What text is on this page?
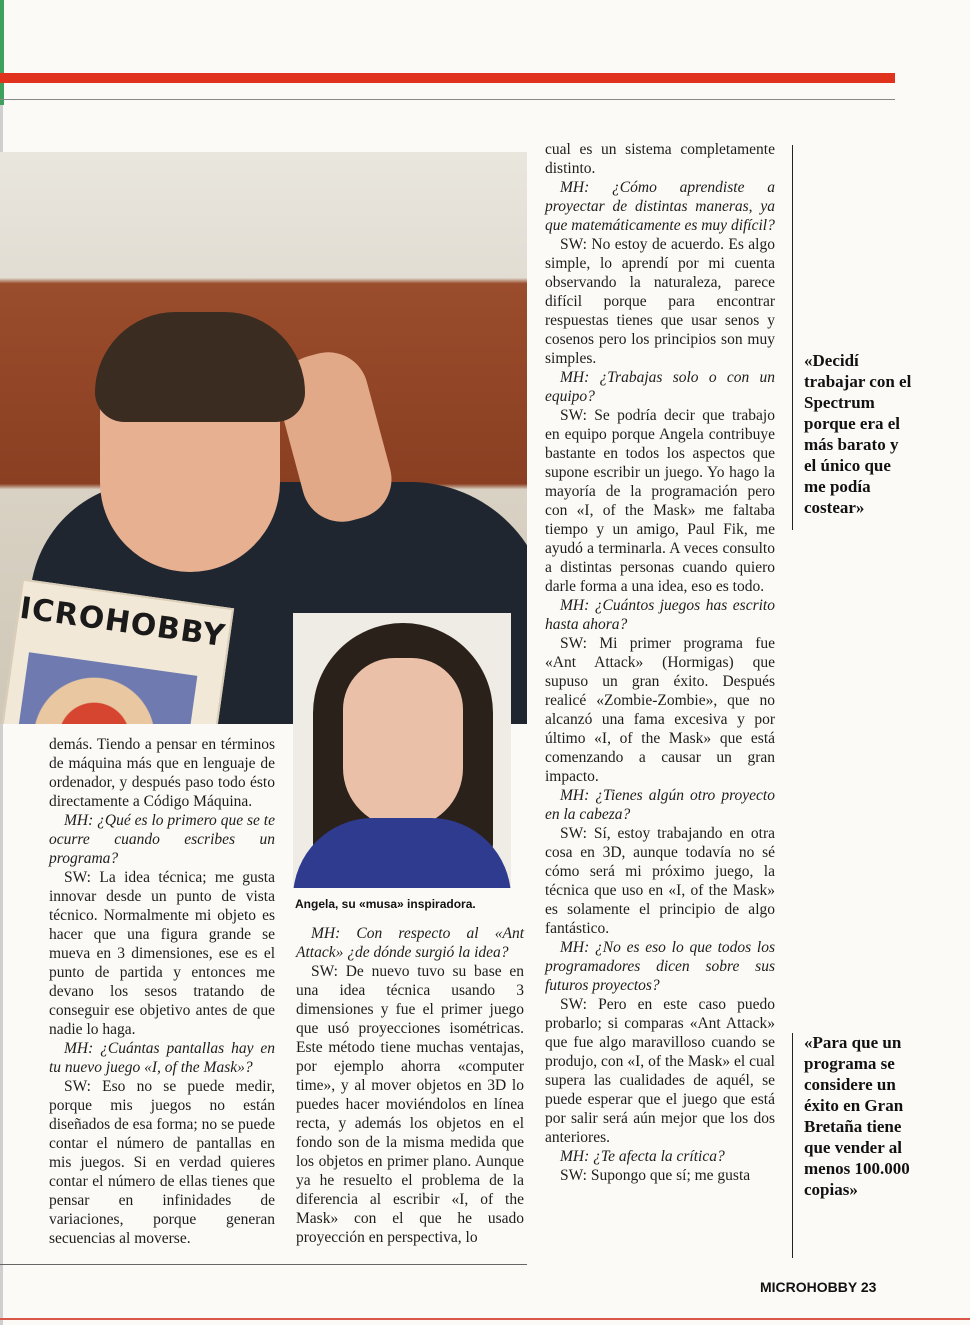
ICROHOBBY
Angela, su «musa» inspiradora.

demás. Tiendo a pensar en términos de máquina más que en lenguaje de ordenador, y después paso todo ésto directamente a Código Máquina.

MH: ¿Qué es lo primero que se te ocurre cuando escribes un programa?

SW: La idea técnica; me gusta innovar desde un punto de vista técnico. Normalmente mi objeto es hacer que una figura grande se mueva en 3 dimensiones, ese es el punto de partida y entonces me devano los sesos tratando de conseguir ese objetivo antes de que nadie lo haga.

MH: ¿Cuántas pantallas hay en tu nuevo juego «I, of the Mask»?

SW: Eso no se puede medir, porque mis juegos no están diseñados de esa forma; no se puede contar el número de pantallas en mis juegos. Si en verdad quieres contar el número de ellas tienes que pensar en infinidades de variaciones, porque generan secuencias al moverse.

MH: Con respecto al «Ant Attack» ¿de dónde surgió la idea?

SW: De nuevo tuvo su base en una idea técnica usando 3 dimensiones y fue el primer juego que usó proyecciones isométricas. Este método tiene muchas ventajas, por ejemplo ahorra «computer time», y al mover objetos en 3D lo puedes hacer moviéndolos en línea recta, y además los objetos en el fondo son de la misma medida que los objetos en primer plano. Aunque ya he resuelto el problema de la diferencia al escribir «I, of the Mask» con el que he usado proyección en perspectiva, lo

cual es un sistema completamente distinto.

MH: ¿Cómo aprendiste a proyectar de distintas maneras, ya que matemáticamente es muy difícil?

SW: No estoy de acuerdo. Es algo simple, lo aprendí por mi cuenta observando la naturaleza, parece difícil porque para encontrar respuestas tienes que usar senos y cosenos pero los principios son muy simples.

MH: ¿Trabajas solo o con un equipo?

SW: Se podría decir que trabajo en equipo porque Angela contribuye bastante en todos los aspectos que supone escribir un juego. Yo hago la mayoría de la programación pero con «I, of the Mask» me faltaba tiempo y un amigo, Paul Fik, me ayudó a terminarla. A veces consulto a distintas personas cuando quiero darle forma a una idea, eso es todo.

MH: ¿Cuántos juegos has escrito hasta ahora?

SW: Mi primer programa fue «Ant Attack» (Hormigas) que supuso un gran éxito. Después realicé «Zombie-Zombie», que no alcanzó una fama excesiva y por último «I, of the Mask» que está comenzando a causar un gran impacto.

MH: ¿Tienes algún otro proyecto en la cabeza?

SW: Sí, estoy trabajando en otra cosa en 3D, aunque todavía no sé cómo será mi próximo juego, la técnica que uso en «I, of the Mask» es solamente el principio de algo fantástico.

MH: ¿No es eso lo que todos los programadores dicen sobre sus futuros proyectos?

SW: Pero en este caso puedo probarlo; si comparas «Ant Attack» que fue algo maravilloso cuando se produjo, con «I, of the Mask» el cual supera las cualidades de aquél, se puede esperar que el juego que está por salir será aún mejor que los dos anteriores.

MH: ¿Te afecta la crítica?

SW: Supongo que sí; me gusta

«Decidí trabajar con el Spectrum porque era el más barato y el único que me podía costear»
«Para que un programa se considere un éxito en Gran Bretaña tiene que vender al menos 100.000 copias»
MICROHOBBY 23
